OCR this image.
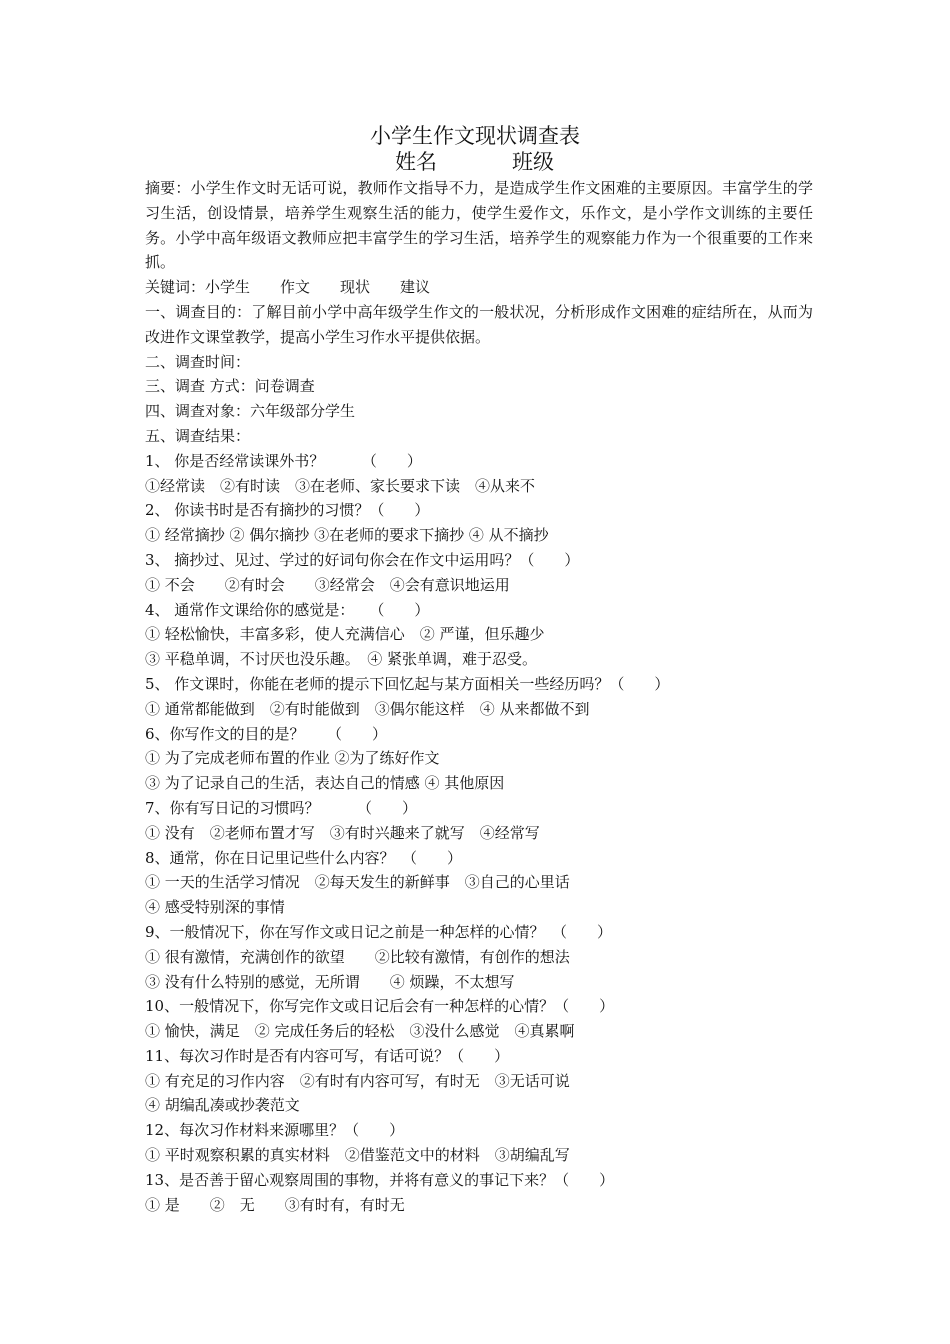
小学生作文现状调查表
姓名	班级

摘要：小学生作文时无话可说，教师作文指导不力，是造成学生作文困难的主要原因。丰富学生的学习生活，创设情景，培养学生观察生活的能力，使学生爱作文，乐作文，是小学作文训练的主要任务。小学中高年级语文教师应把丰富学生的学习生活，培养学生的观察能力作为一个很重要的工作来抓。

关键词：小学生　　作文　　现状　　建议

一、调查目的：了解目前小学中高年级学生作文的一般状况，分析形成作文困难的症结所在，从而为改进作文课堂教学，提高小学生习作水平提供依据。

二、调查时间：

三、调查 方式：问卷调查

四、调查对象：六年级部分学生

五、调查结果：

1、 你是否经常读课外书？　　　（　　）

①经常读　②有时读　③在老师、家长要求下读　④从来不

2、 你读书时是否有摘抄的习惯？（　　）

① 经常摘抄 ② 偶尔摘抄 ③在老师的要求下摘抄 ④ 从不摘抄

3、 摘抄过、见过、学过的好词句你会在作文中运用吗？（　　）

① 不会　　②有时会　　③经常会　④会有意识地运用

4、 通常作文课给你的感觉是：　　（　　）

① 轻松愉快，丰富多彩，使人充满信心　② 严谨，但乐趣少

③ 平稳单调，不讨厌也没乐趣。　④ 紧张单调，难于忍受。

5、 作文课时，你能在老师的提示下回忆起与某方面相关一些经历吗？（　　）

① 通常都能做到　②有时能做到　③偶尔能这样　④ 从来都做不到

6、你写作文的目的是？　　（　　）

① 为了完成老师布置的作业 ②为了练好作文

③ 为了记录自己的生活，表达自己的情感 ④ 其他原因

7、你有写日记的习惯吗？　　　（　　）

① 没有　②老师布置才写　③有时兴趣来了就写　④经常写

8、通常，你在日记里记些什么内容？　（　　）

① 一天的生活学习情况　②每天发生的新鲜事　③自己的心里话

④ 感受特别深的事情

9、一般情况下，你在写作文或日记之前是一种怎样的心情？　（　　）

① 很有激情，充满创作的欲望　　②比较有激情，有创作的想法

③ 没有什么特别的感觉，无所谓　　④ 烦躁，不太想写

10、一般情况下，你写完作文或日记后会有一种怎样的心情？（　　）

① 愉快，满足　② 完成任务后的轻松　③没什么感觉　④真累啊

11、每次习作时是否有内容可写，有话可说？（　　）

① 有充足的习作内容　②有时有内容可写，有时无　③无话可说

④ 胡编乱凑或抄袭范文

12、每次习作材料来源哪里？（　　）

① 平时观察积累的真实材料　②借鉴范文中的材料　③胡编乱写

13、是否善于留心观察周围的事物，并将有意义的事记下来？（　　）

① 是　　②　无　　③有时有，有时无
